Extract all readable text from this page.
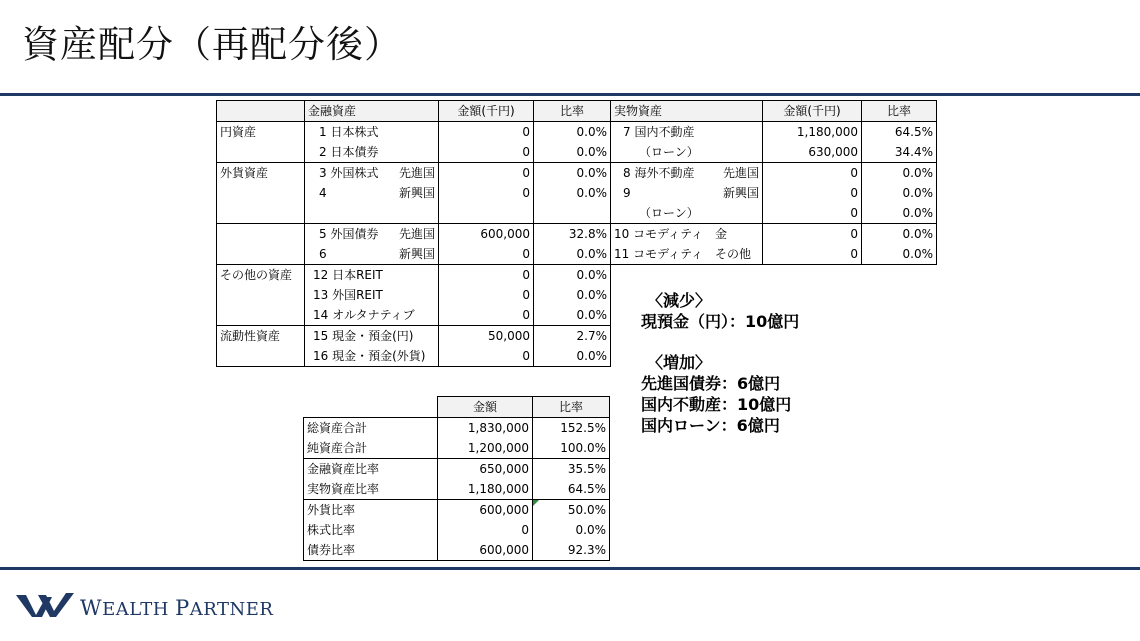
資産配分（再配分後）
	金融資産	金額(千円)	比率	実物資産	金額(千円)	比率
円資産	1 日本株式	0	0.0%	7 国内不動産	1,180,000	64.5%
	2 日本債券	0	0.0%	（ローン）	630,000	34.4%
外貨資産	3 外国株式 先進国	0	0.0%	8 海外不動産 先進国	0	0.0%
	4 新興国	0	0.0%	9 新興国	0	0.0%
				（ローン）	0	0.0%
	5 外国債券 先進国	600,000	32.8%	10 コモディティ 金	0	0.0%
	6 新興国	0	0.0%	11 コモディティ その他	0	0.0%
その他の資産	12 日本REIT	0	0.0%			
	13 外国REIT	0	0.0%			
	14 オルタナティブ	0	0.0%			
流動性資産	15 現金・預金(円)	50,000	2.7%			
	16 現金・預金(外貨)	0	0.0%			
	金額	比率
総資産合計	1,830,000	152.5%
純資産合計	1,200,000	100.0%
金融資産比率	650,000	35.5%
実物資産比率	1,180,000	64.5%
外貨比率	600,000	50.0%
株式比率	0	0.0%
債券比率	600,000	92.3%
〈減少〉
現預金（円）：10億円
〈増加〉
先進国債券：6億円
国内不動産：10億円
国内ローン：6億円
WEALTH PARTNER
